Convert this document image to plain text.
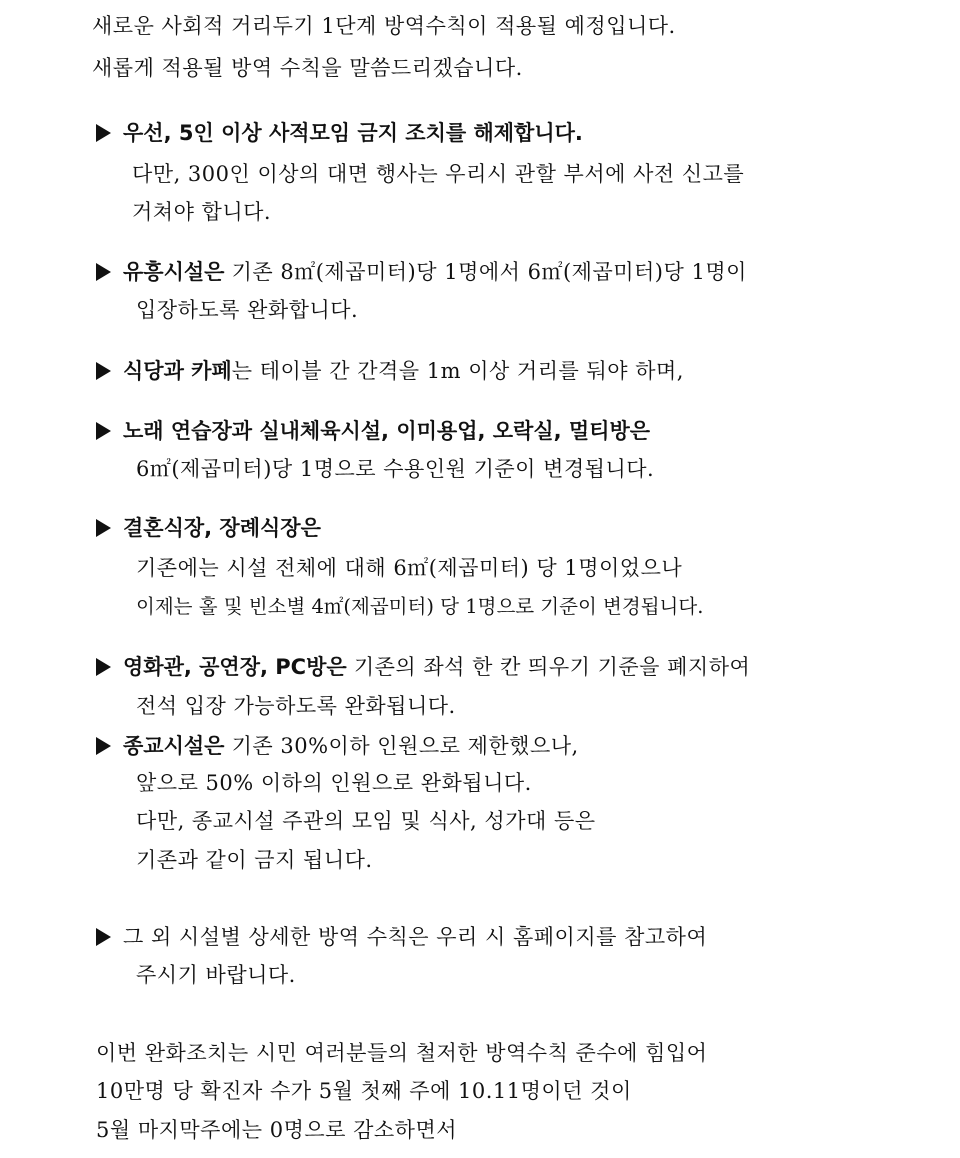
새로운 사회적 거리두기 1단계 방역수칙이 적용될 예정입니다.
새롭게 적용될 방역 수칙을 말씀드리겠습니다.
우선, 5인 이상 사적모임 금지 조치를 해제합니다.
다만, 300인 이상의 대면 행사는 우리시 관할 부서에 사전 신고를
거쳐야 합니다.
유흥시설은 기존 8㎡(제곱미터)당 1명에서 6㎡(제곱미터)당 1명이
입장하도록 완화합니다.
식당과 카페는 테이블 간 간격을 1m 이상 거리를 둬야 하며,
노래 연습장과 실내체육시설, 이미용업, 오락실, 멀티방은
6㎡(제곱미터)당 1명으로 수용인원 기준이 변경됩니다.
결혼식장, 장례식장은
기존에는 시설 전체에 대해 6㎡(제곱미터) 당 1명이었으나
이제는 홀 및 빈소별 4㎡(제곱미터) 당 1명으로 기준이 변경됩니다.
영화관, 공연장, PC방은 기존의 좌석 한 칸 띄우기 기준을 폐지하여
전석 입장 가능하도록 완화됩니다.
종교시설은 기존 30%이하 인원으로 제한했으나,
앞으로 50% 이하의 인원으로 완화됩니다.
다만, 종교시설 주관의 모임 및 식사, 성가대 등은
기존과 같이 금지 됩니다.
그 외 시설별 상세한 방역 수칙은 우리 시 홈페이지를 참고하여
주시기 바랍니다.
이번 완화조치는 시민 여러분들의 철저한 방역수칙 준수에 힘입어
10만명 당 확진자 수가 5월 첫째 주에 10.11명이던 것이
5월 마지막주에는 0명으로 감소하면서
